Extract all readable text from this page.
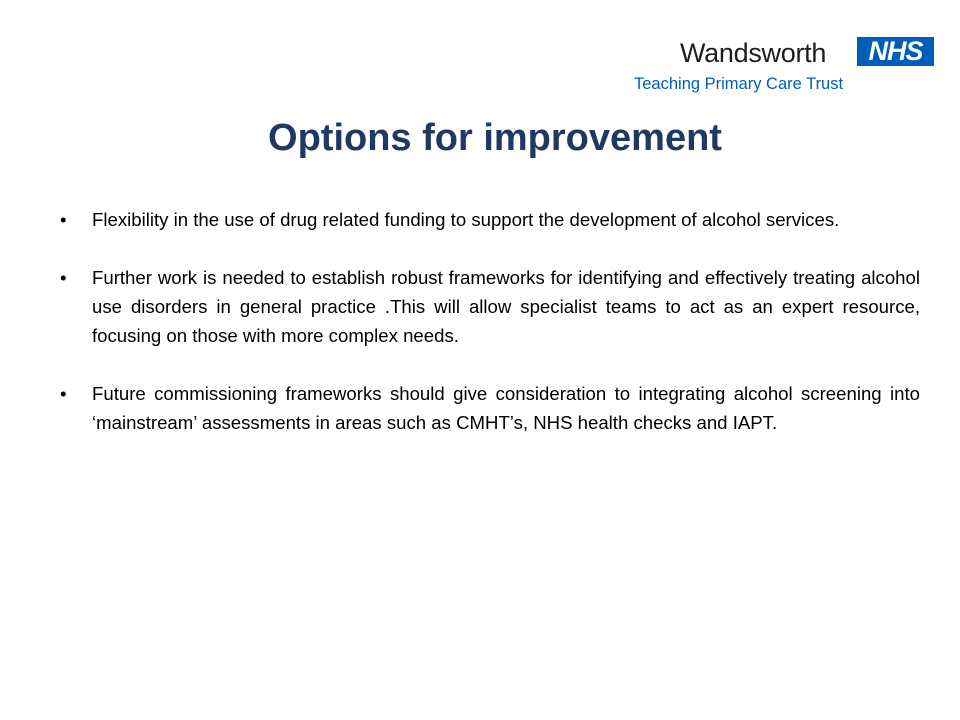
Wandsworth	NHS
Teaching Primary Care Trust
Options for improvement
•	Flexibility in the use of drug related funding to support the development of alcohol services.
•	Further work is needed to establish robust frameworks for identifying and effectively treating alcohol use disorders in general practice .This will allow specialist teams to act as an expert resource, focusing on those with more complex needs.
•	Future commissioning frameworks should give consideration to integrating alcohol screening into ‘mainstream’ assessments in areas such as CMHT’s, NHS health checks and IAPT.
